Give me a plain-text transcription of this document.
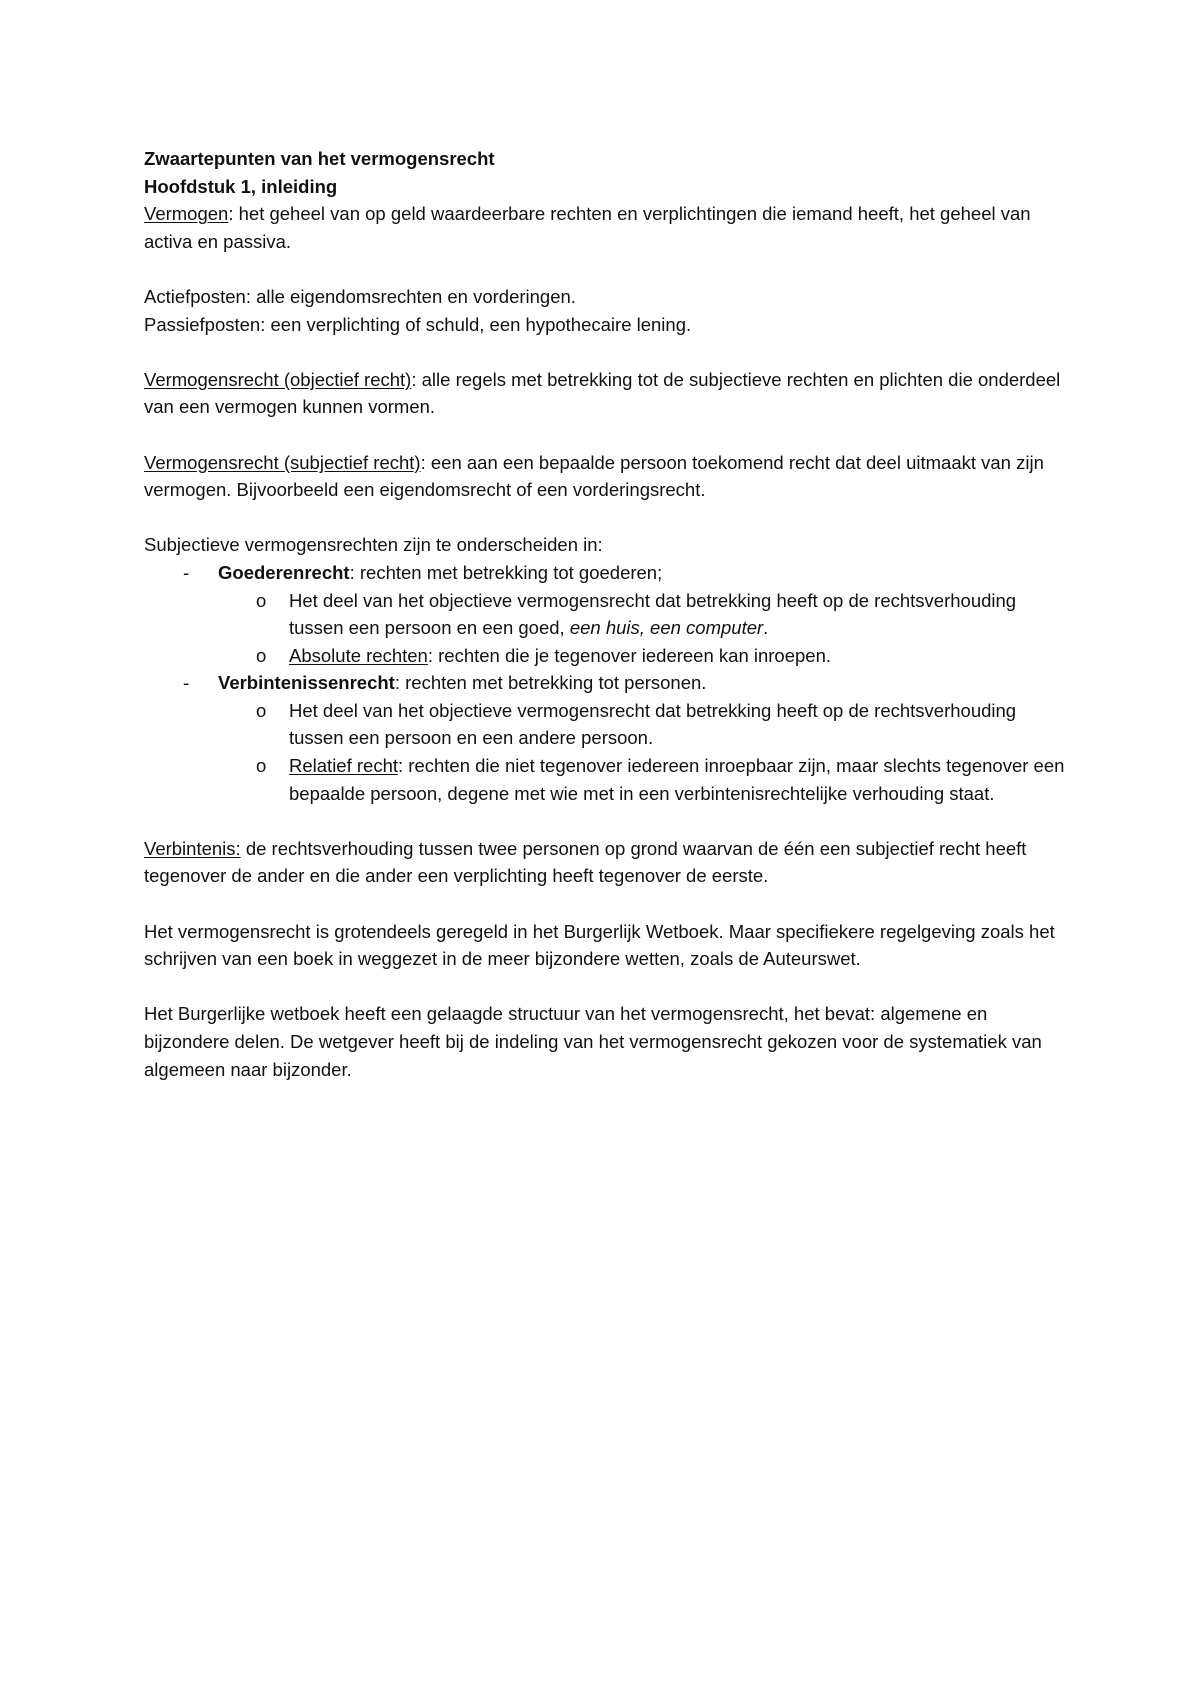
Zwaartepunten van het vermogensrecht

Hoofdstuk 1, inleiding

Vermogen: het geheel van op geld waardeerbare rechten en verplichtingen die iemand heeft, het geheel van activa en passiva.

Actiefposten: alle eigendomsrechten en vorderingen.

Passiefposten: een verplichting of schuld, een hypothecaire lening.

Vermogensrecht (objectief recht): alle regels met betrekking tot de subjectieve rechten en plichten die onderdeel van een vermogen kunnen vormen.

Vermogensrecht (subjectief recht): een aan een bepaalde persoon toekomend recht dat deel uitmaakt van zijn vermogen. Bijvoorbeeld een eigendomsrecht of een vorderingsrecht.

Subjectieve vermogensrechten zijn te onderscheiden in:

- Goederenrecht: rechten met betrekking tot goederen;
o Het deel van het objectieve vermogensrecht dat betrekking heeft op de rechtsverhouding tussen een persoon en een goed, een huis, een computer.
o Absolute rechten: rechten die je tegenover iedereen kan inroepen.
- Verbintenissenrecht: rechten met betrekking tot personen.
o Het deel van het objectieve vermogensrecht dat betrekking heeft op de rechtsverhouding tussen een persoon en een andere persoon.
o Relatief recht: rechten die niet tegenover iedereen inroepbaar zijn, maar slechts tegenover een bepaalde persoon, degene met wie met in een verbintenisrechtelijke verhouding staat.

Verbintenis: de rechtsverhouding tussen twee personen op grond waarvan de één een subjectief recht heeft tegenover de ander en die ander een verplichting heeft tegenover de eerste.

Het vermogensrecht is grotendeels geregeld in het Burgerlijk Wetboek. Maar specifiekere regelgeving zoals het schrijven van een boek in weggezet in de meer bijzondere wetten, zoals de Auteurswet.

Het Burgerlijke wetboek heeft een gelaagde structuur van het vermogensrecht, het bevat: algemene en bijzondere delen. De wetgever heeft bij de indeling van het vermogensrecht gekozen voor de systematiek van algemeen naar bijzonder.
